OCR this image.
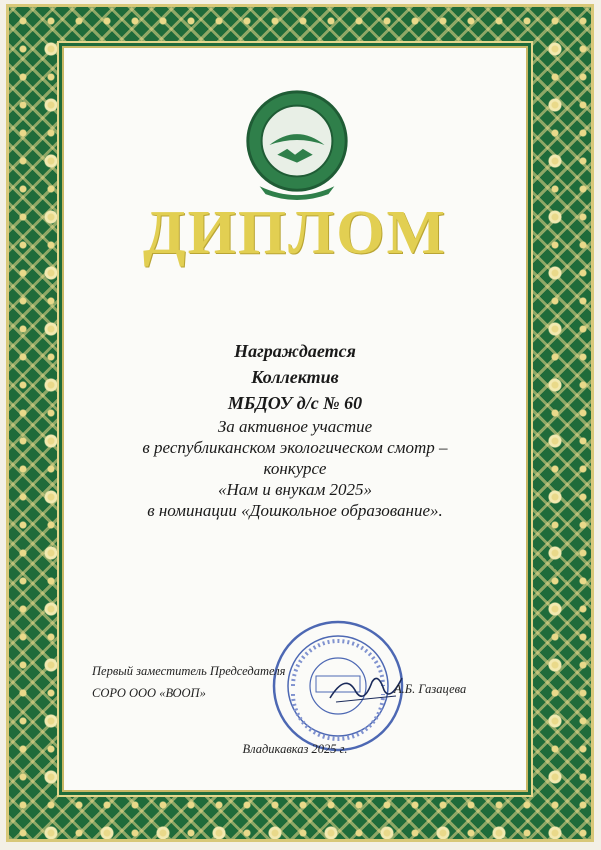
ДИПЛОМ
Награждается
Коллектив
МБДОУ д/с № 60
За активное участие
в республиканском экологическом смотр –
конкурсе
«Нам и внукам 2025»
в номинации «Дошкольное образование».
Первый заместитель Председателя
СОРО ООО «ВООП»	А.Б. Газацева
Владикавказ 2025 г.
